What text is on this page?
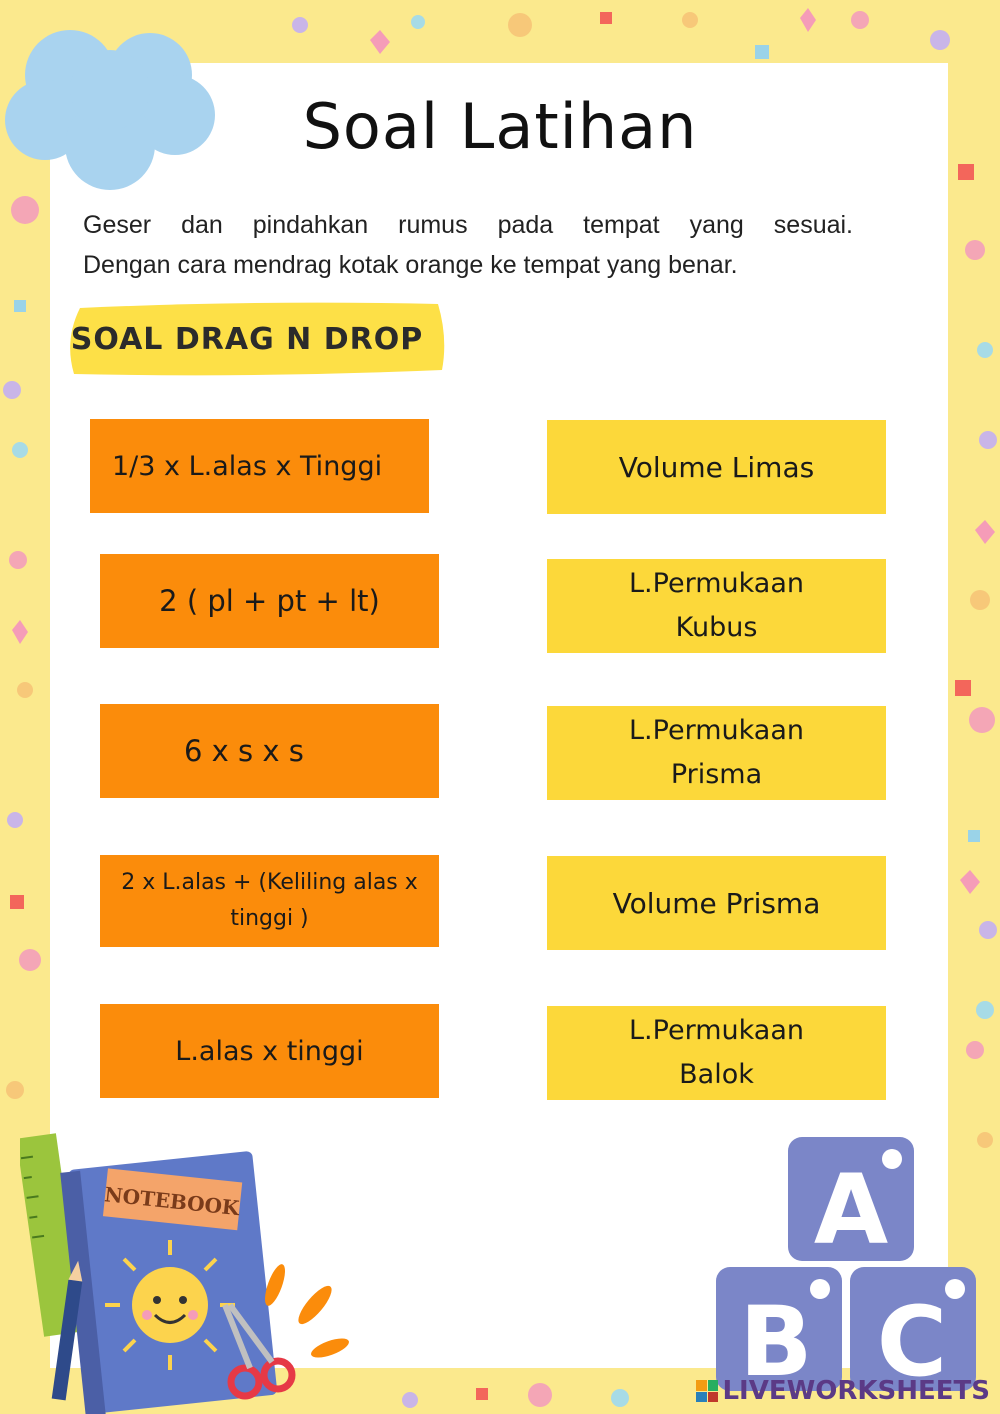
Soal Latihan
Geser dan pindahkan rumus pada tempat yang sesuai.
Dengan cara mendrag kotak orange ke tempat yang benar.
SOAL DRAG N DROP
1/3 x L.alas x Tinggi
2 ( pl + pt + lt)
6 x s x s
2 x L.alas + (Keliling alas x tinggi )
L.alas x tinggi
Volume Limas
L.Permukaan Kubus
L.Permukaan Prisma
Volume Prisma
L.Permukaan Balok
NOTEBOOK	A
B C
LIVEWORKSHEETS
